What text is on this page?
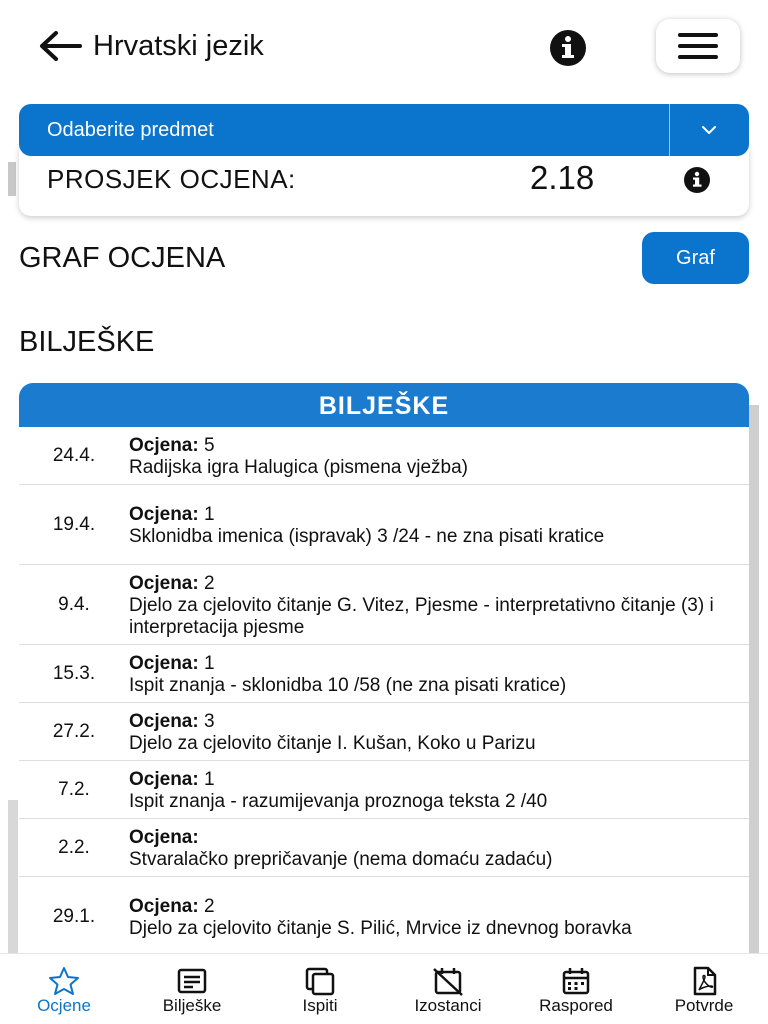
Hrvatski jezik
Odaberite predmet
PROSJEK OCJENA:	2.18
GRAF OCJENA	Graf
BILJEŠKE
BILJEŠKE
24.4.	Ocjena: 5
Radijska igra Halugica (pismena vježba)
19.4.	Ocjena: 1
Sklonidba imenica (ispravak) 3 /24 - ne zna pisati kratice
9.4.
Ocjena: 2
Djelo za cjelovito čitanje G. Vitez, Pjesme - interpretativno čitanje (3) i interpretacija pjesme
15.3.	Ocjena: 1
Ispit znanja - sklonidba 10 /58 (ne zna pisati kratice)
27.2.	Ocjena: 3
Djelo za cjelovito čitanje I. Kušan, Koko u Parizu
7.2.	Ocjena: 1
Ispit znanja - razumijevanja proznoga teksta 2 /40
2.2.	Ocjena:
Stvaralačko prepričavanje (nema domaću zadaću)
29.1.	Ocjena: 2
Djelo za cjelovito čitanje S. Pilić, Mrvice iz dnevnog boravka
Ocjene	Bilješke	Ispiti	Izostanci	Raspored	Potvrde
